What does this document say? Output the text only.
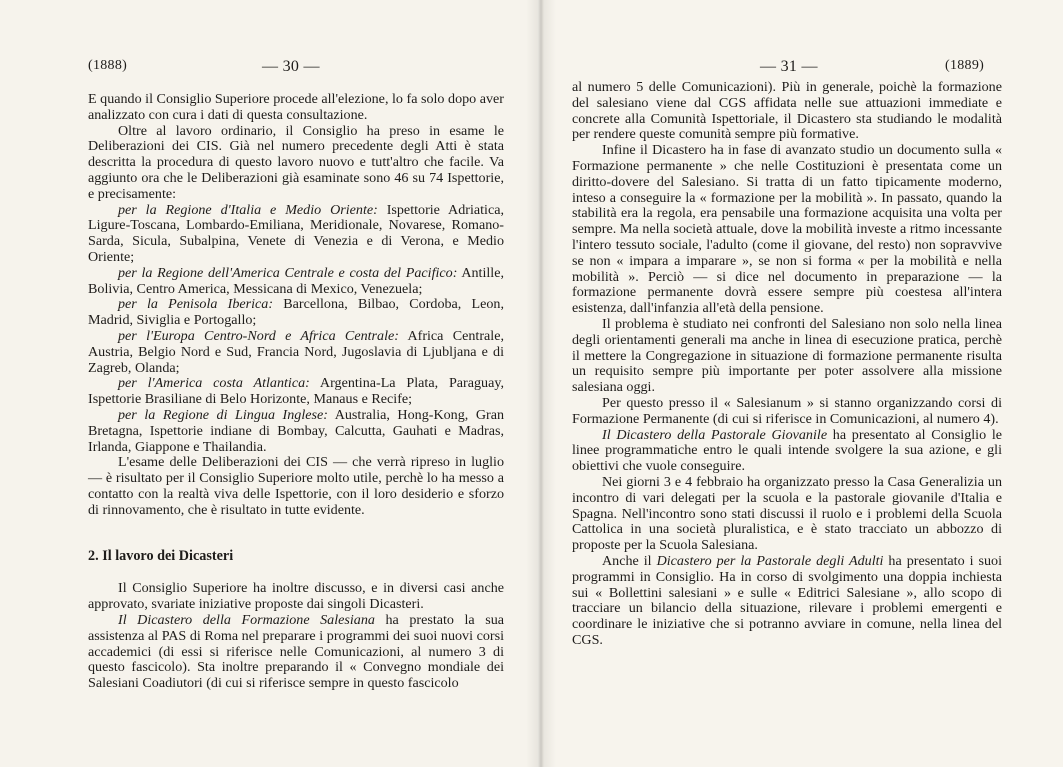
(1888)	— 30 —

E quando il Consiglio Superiore procede all'elezione, lo fa solo dopo aver analizzato con cura i dati di questa consultazione.

Oltre al lavoro ordinario, il Consiglio ha preso in esame le Deliberazioni dei CIS. Già nel numero precedente degli Atti è stata descritta la procedura di questo lavoro nuovo e tutt'altro che facile. Va aggiunto ora che le Deliberazioni già esaminate sono 46 su 74 Ispettorie, e precisamente:

per la Regione d'Italia e Medio Oriente: Ispettorie Adriatica, Ligure-Toscana, Lombardo-Emiliana, Meridionale, Novarese, Romano-Sarda, Sicula, Subalpina, Venete di Venezia e di Verona, e Medio Oriente;

per la Regione dell'America Centrale e costa del Pacifico: Antille, Bolivia, Centro America, Messicana di Mexico, Venezuela;

per la Penisola Iberica: Barcellona, Bilbao, Cordoba, Leon, Madrid, Siviglia e Portogallo;

per l'Europa Centro-Nord e Africa Centrale: Africa Centrale, Austria, Belgio Nord e Sud, Francia Nord, Jugoslavia di Ljubljana e di Zagreb, Olanda;

per l'America costa Atlantica: Argentina-La Plata, Paraguay, Ispettorie Brasiliane di Belo Horizonte, Manaus e Recife;

per la Regione di Lingua Inglese: Australia, Hong-Kong, Gran Bretagna, Ispettorie indiane di Bombay, Calcutta, Gauhati e Madras, Irlanda, Giappone e Thailandia.

L'esame delle Deliberazioni dei CIS — che verrà ripreso in luglio — è risultato per il Consiglio Superiore molto utile, perchè lo ha messo a contatto con la realtà viva delle Ispettorie, con il loro desiderio e sforzo di rinnovamento, che è risultato in tutte evidente.

2. Il lavoro dei Dicasteri

Il Consiglio Superiore ha inoltre discusso, e in diversi casi anche approvato, svariate iniziative proposte dai singoli Dicasteri.

Il Dicastero della Formazione Salesiana ha prestato la sua assistenza al PAS di Roma nel preparare i programmi dei suoi nuovi corsi accademici (di essi si riferisce nelle Comunicazioni, al numero 3 di questo fascicolo). Sta inoltre preparando il « Convegno mondiale dei Salesiani Coadiutori (di cui si riferisce sempre in questo fascicolo

— 31 —	(1889)

al numero 5 delle Comunicazioni). Più in generale, poichè la formazione del salesiano viene dal CGS affidata nelle sue attuazioni immediate e concrete alla Comunità Ispettoriale, il Dicastero sta studiando le modalità per rendere queste comunità sempre più formative.

Infine il Dicastero ha in fase di avanzato studio un documento sulla « Formazione permanente » che nelle Costituzioni è presentata come un diritto-dovere del Salesiano. Si tratta di un fatto tipicamente moderno, inteso a conseguire la « formazione per la mobilità ». In passato, quando la stabilità era la regola, era pensabile una formazione acquisita una volta per sempre. Ma nella società attuale, dove la mobilità investe a ritmo incessante l'intero tessuto sociale, l'adulto (come il giovane, del resto) non sopravvive se non « impara a imparare », se non si forma « per la mobilità e nella mobilità ». Perciò — si dice nel documento in preparazione — la formazione permanente dovrà essere sempre più coestesa all'intera esistenza, dall'infanzia all'età della pensione.

Il problema è studiato nei confronti del Salesiano non solo nella linea degli orientamenti generali ma anche in linea di esecuzione pratica, perchè il mettere la Congregazione in situazione di formazione permanente risulta un requisito sempre più importante per poter assolvere alla missione salesiana oggi.

Per questo presso il « Salesianum » si stanno organizzando corsi di Formazione Permanente (di cui si riferisce in Comunicazioni, al numero 4).

Il Dicastero della Pastorale Giovanile ha presentato al Consiglio le linee programmatiche entro le quali intende svolgere la sua azione, e gli obiettivi che vuole conseguire.

Nei giorni 3 e 4 febbraio ha organizzato presso la Casa Generalizia un incontro di vari delegati per la scuola e la pastorale giovanile d'Italia e Spagna. Nell'incontro sono stati discussi il ruolo e i problemi della Scuola Cattolica in una società pluralistica, e è stato tracciato un abbozzo di proposte per la Scuola Salesiana.

Anche il Dicastero per la Pastorale degli Adulti ha presentato i suoi programmi in Consiglio. Ha in corso di svolgimento una doppia inchiesta sui « Bollettini salesiani » e sulle « Editrici Salesiane », allo scopo di tracciare un bilancio della situazione, rilevare i problemi emergenti e coordinare le iniziative che si potranno avviare in comune, nella linea del CGS.
